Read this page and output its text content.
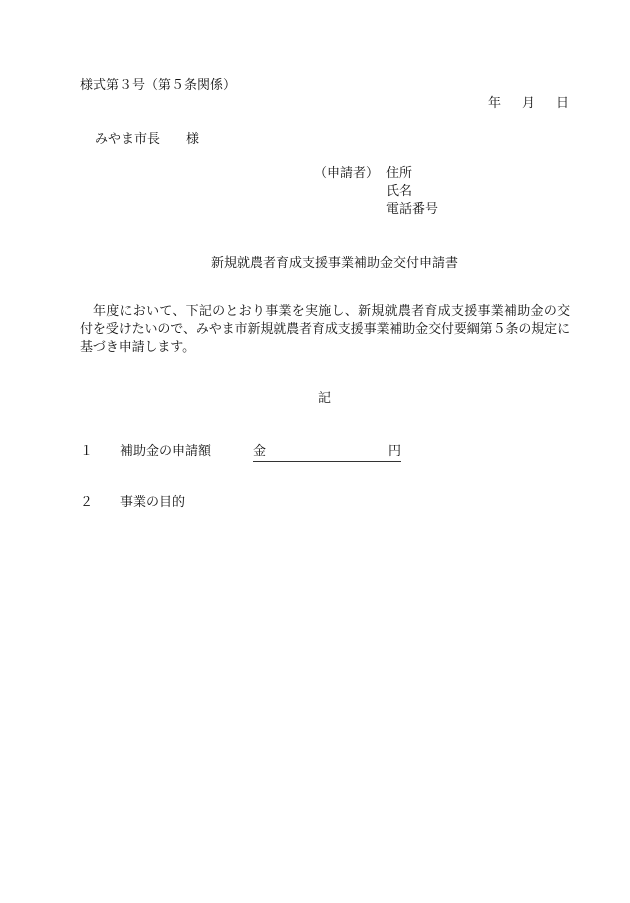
様式第３号（第５条関係）
年 月 日
みやま市長 様
（申請者） 住所
氏名
電話番号
新規就農者育成支援事業補助金交付申請書
年度において、下記のとおり事業を実施し、新規就農者育成支援事業補助金の交付を受けたいので、みやま市新規就農者育成支援事業補助金交付要綱第５条の規定に基づき申請します。
記
１ 補助金の申請額	金	円
２ 事業の目的
